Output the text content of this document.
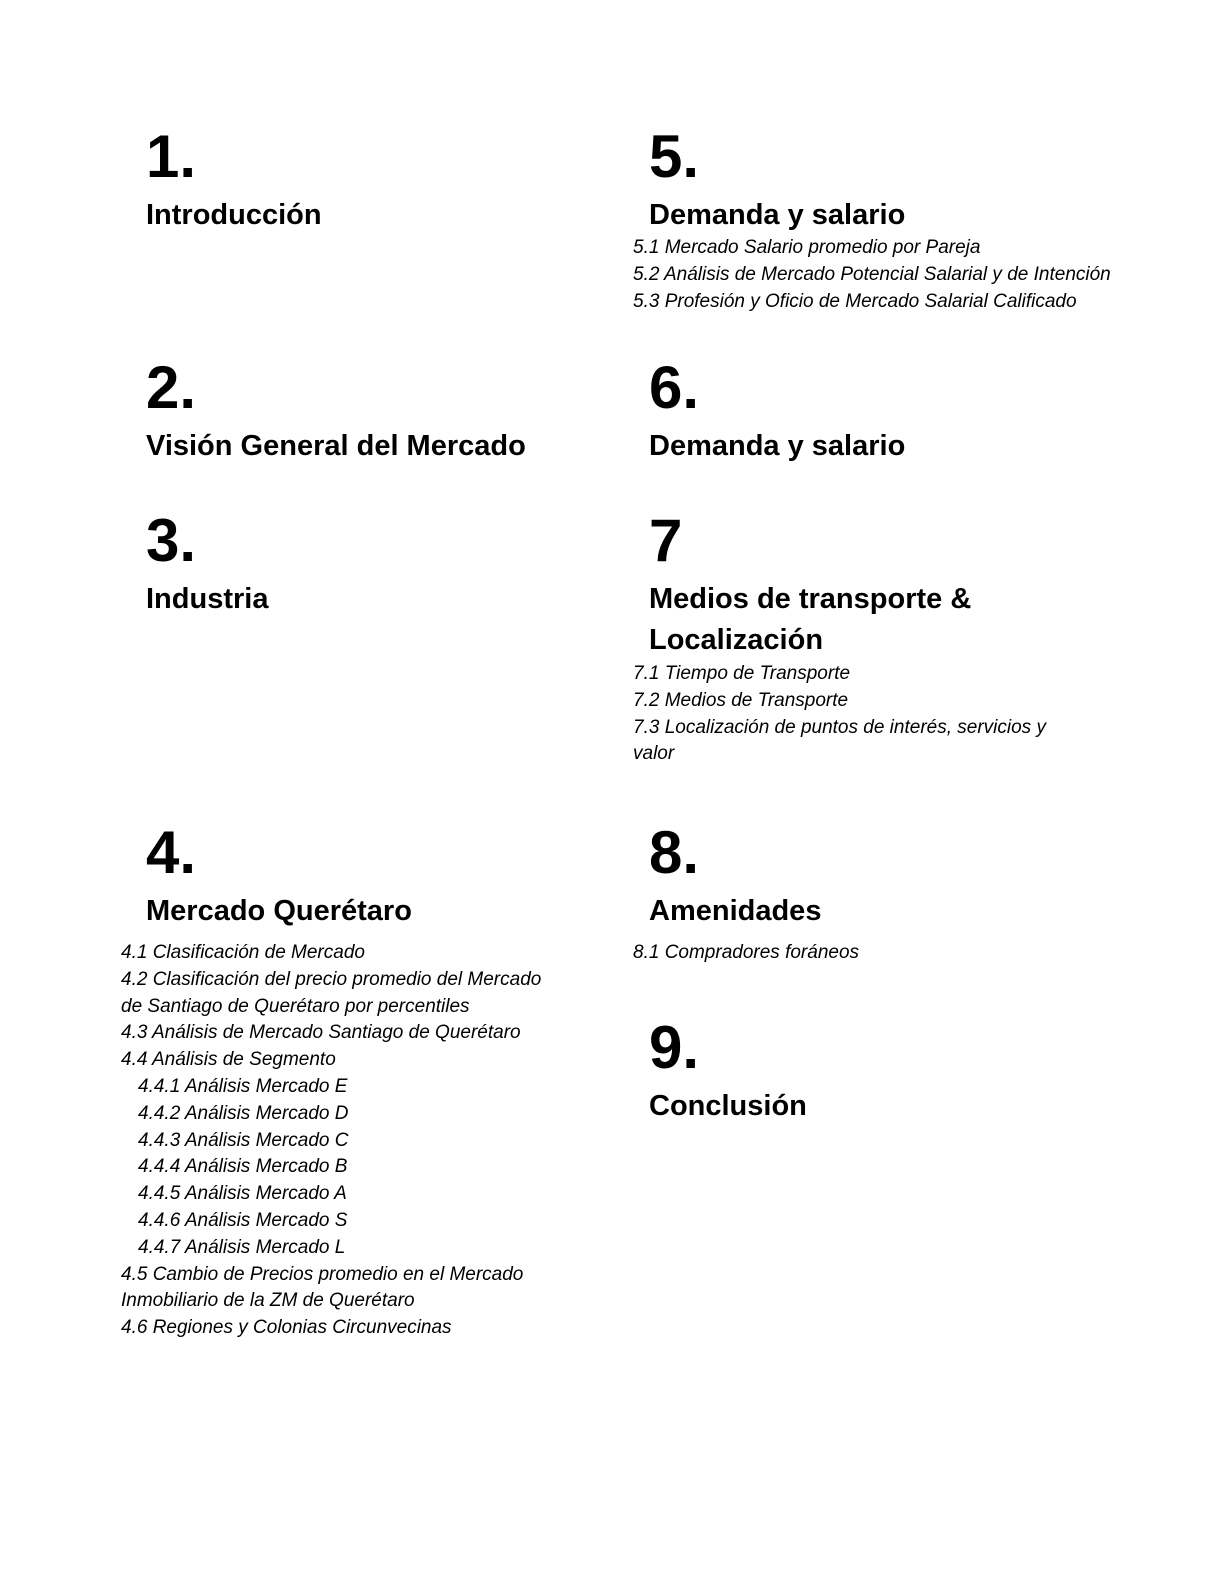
1.

Introducción

2.

Visión General del Mercado

3.

Industria

4.

Mercado Querétaro

4.1 Clasificación de Mercado
4.2 Clasificación del precio promedio del Mercado
de Santiago de Querétaro por percentiles
4.3 Análisis de Mercado Santiago de Querétaro
4.4 Análisis de Segmento
4.4.1 Análisis Mercado E
4.4.2 Análisis Mercado D
4.4.3 Análisis Mercado C
4.4.4 Análisis Mercado B
4.4.5 Análisis Mercado A
4.4.6 Análisis Mercado S
4.4.7 Análisis Mercado L
4.5 Cambio de Precios promedio en el Mercado
Inmobiliario de la ZM de Querétaro
4.6 Regiones y Colonias Circunvecinas

5.

Demanda y salario

5.1 Mercado Salario promedio por Pareja
5.2 Análisis de Mercado Potencial Salarial y de Intención
5.3 Profesión y Oficio de Mercado Salarial Calificado

6.

Demanda y salario

7

Medios de transporte &

Localización

7.1 Tiempo de Transporte
7.2 Medios de Transporte
7.3 Localización de puntos de interés, servicios y
valor

8.

Amenidades

8.1 Compradores foráneos

9.

Conclusión
